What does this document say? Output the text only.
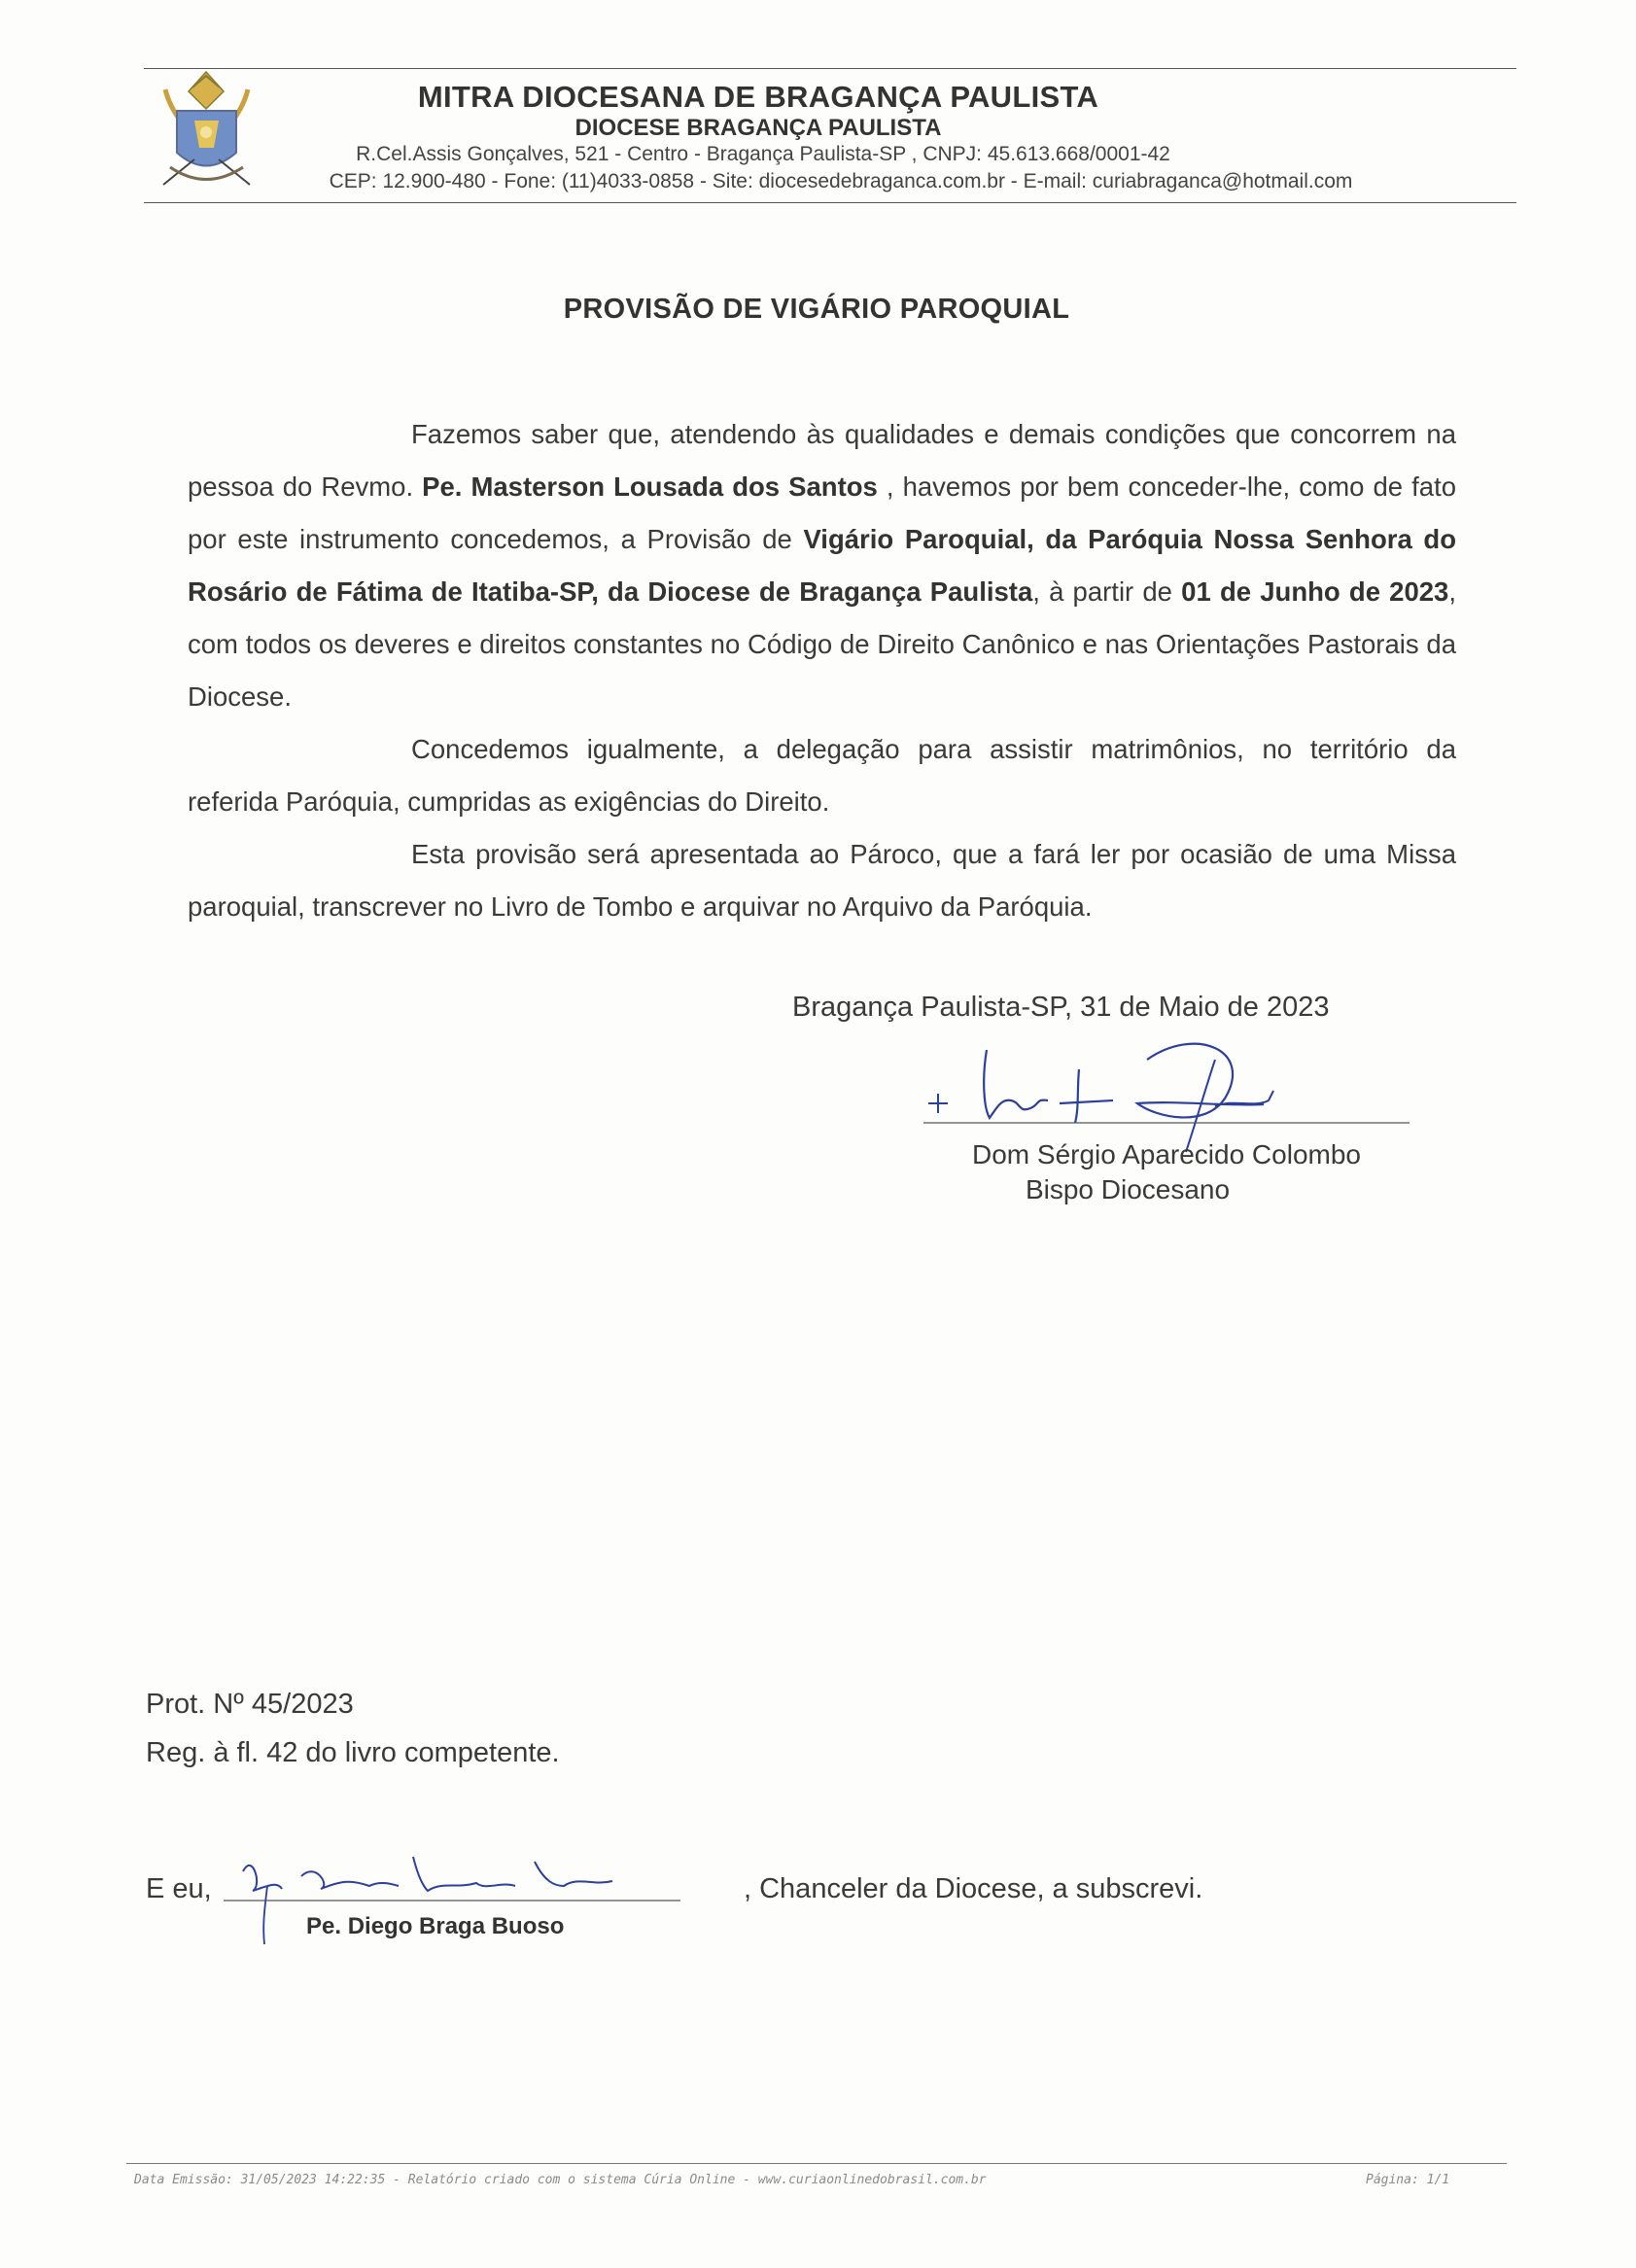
MITRA DIOCESANA DE BRAGANÇA PAULISTA
DIOCESE BRAGANÇA PAULISTA
R.Cel.Assis Gonçalves, 521 - Centro - Bragança Paulista-SP , CNPJ: 45.613.668/0001-42
CEP: 12.900-480 - Fone: (11)4033-0858 - Site: diocesedebraganca.com.br - E-mail: curiabraganca@hotmail.com
PROVISÃO DE VIGÁRIO PAROQUIAL

Fazemos saber que, atendendo às qualidades e demais condições que concorrem na pessoa do Revmo. Pe. Masterson Lousada dos Santos , havemos por bem conceder-lhe, como de fato por este instrumento concedemos, a Provisão de Vigário Paroquial, da Paróquia Nossa Senhora do Rosário de Fátima de Itatiba-SP, da Diocese de Bragança Paulista, à partir de 01 de Junho de 2023, com todos os deveres e direitos constantes no Código de Direito Canônico e nas Orientações Pastorais da Diocese.

Concedemos igualmente, a delegação para assistir matrimônios, no território da referida Paróquia, cumpridas as exigências do Direito.

Esta provisão será apresentada ao Pároco, que a fará ler por ocasião de uma Missa paroquial, transcrever no Livro de Tombo e arquivar no Arquivo da Paróquia.

Bragança Paulista-SP, 31 de Maio de 2023
Dom Sérgio Aparecido Colombo
Bispo Diocesano
Prot. Nº 45/2023
Reg. à fl. 42 do livro competente.
E eu,
Pe. Diego Braga Buoso
, Chanceler da Diocese, a subscrevi.
Data Emissão: 31/05/2023 14:22:35 - Relatório criado com o sistema Cúria Online - www.curiaonlinedobrasil.com.br	Página: 1/1
